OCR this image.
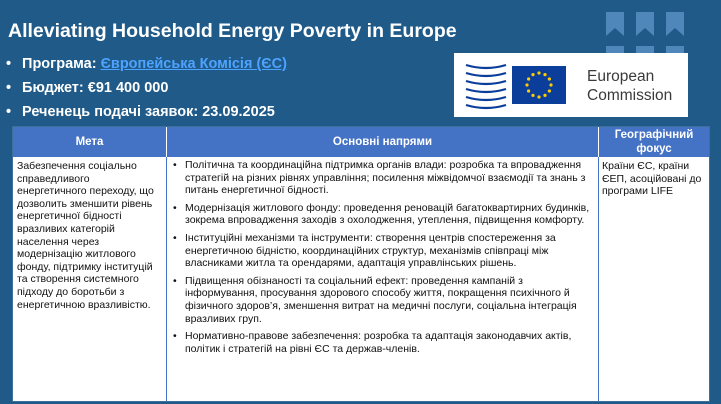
Alleviating Household Energy Poverty in Europe
• Програма: Європейська Комісія (ЄС)
• Бюджет: €91 400 000
• Реченець подачі заявок: 23.09.2025
European
Commission
Мета	Основні напрями
Географічний фокус
Забезпечення соціально справедливого енергетичного переходу, що дозволить зменшити рівень енергетичної бідності вразливих категорій населення через модернізацію житлового фонду, підтримку інституцій та створення системного підходу до боротьби з енергетичною вразливістю.
• Політична та координаційна підтримка органів влади: розробка та впровадження стратегій на різних рівнях управління; посилення міжвідомчої взаємодії та знань з питань енергетичної бідності.
• Модернізація житлового фонду: проведення реновацій багатоквартирних будинків, зокрема впровадження заходів з охолодження, утеплення, підвищення комфорту.
• Інституційні механізми та інструменти: створення центрів спостереження за енергетичною бідністю, координаційних структур, механізмів співпраці між власниками житла та орендарями, адаптація управлінських рішень.
• Підвищення обізнаності та соціальний ефект: проведення кампаній з інформування, просування здорового способу життя, покращення психічного й фізичного здоров’я, зменшення витрат на медичні послуги, соціальна інтеграція вразливих груп.
• Нормативно-правове забезпечення: розробка та адаптація законодавчих актів, політик і стратегій на рівні ЄС та держав-членів.
Країни ЄС, країни ЄЕП, асоційовані до програми LIFE
